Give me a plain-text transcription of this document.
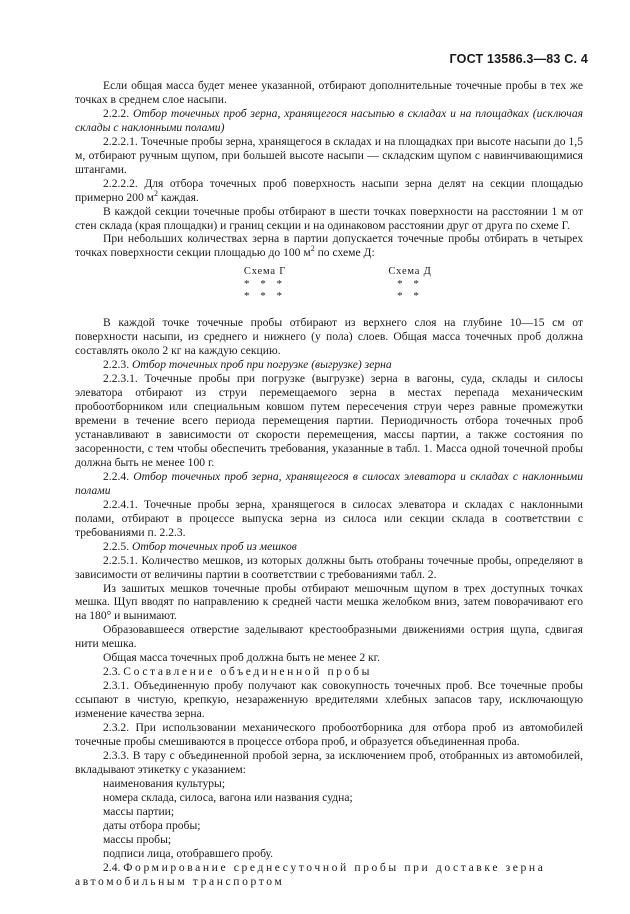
ГОСТ 13586.3—83 С. 4

Если общая масса будет менее указанной, отбирают дополнительные точечные пробы в тех же точках в среднем слое насыпи.

2.2.2. Отбор точечных проб зерна, хранящегося насыпью в складах и на площадках (исключая склады с наклонными полами)

2.2.2.1. Точечные пробы зерна, хранящегося в складах и на площадках при высоте насыпи до 1,5 м, отбирают ручным щупом, при большей высоте насыпи — складским щупом с навинчивающимися штангами.

2.2.2.2. Для отбора точечных проб поверхность насыпи зерна делят на секции площадью примерно 200 $м^2$ каждая.

В каждой секции точечные пробы отбирают в шести точках поверхности на расстоянии 1 м от стен склада (края площадки) и границ секции и на одинаковом расстоянии друг от друга по схеме Г.

При небольших количествах зерна в партии допускается точечные пробы отбирать в четырех точках поверхности секции площадью до 100 $м^2$ по схеме Д:

Схема Г
* * *
* * *
Схема Д
* *
* *

В каждой точке точечные пробы отбирают из верхнего слоя на глубине 10—15 см от поверхности насыпи, из среднего и нижнего (у пола) слоев. Общая масса точечных проб должна составлять около 2 кг на каждую секцию.

2.2.3. Отбор точечных проб при погрузке (выгрузке) зерна

2.2.3.1. Точечные пробы при погрузке (выгрузке) зерна в вагоны, суда, склады и силосы элеватора отбирают из струи перемещаемого зерна в местах перепада механическим пробоотборником или специальным ковшом путем пересечения струи через равные промежутки времени в течение всего периода перемещения партии. Периодичность отбора точечных проб устанавливают в зависимости от скорости перемещения, массы партии, а также состояния по засоренности, с тем чтобы обеспечить требования, указанные в табл. 1. Масса одной точечной пробы должна быть не менее 100 г.

2.2.4. Отбор точечных проб зерна, хранящегося в силосах элеватора и складах с наклонными полами

2.2.4.1. Точечные пробы зерна, хранящегося в силосах элеватора и складах с наклонными полами, отбирают в процессе выпуска зерна из силоса или секции склада в соответствии с требованиями п. 2.2.3.

2.2.5. Отбор точечных проб из мешков

2.2.5.1. Количество мешков, из которых должны быть отобраны точечные пробы, определяют в зависимости от величины партии в соответствии с требованиями табл. 2.

Из зашитых мешков точечные пробы отбирают мешочным щупом в трех доступных точках мешка. Щуп вводят по направлению к средней части мешка желобком вниз, затем поворачивают его на 180° и вынимают.

Образовавшееся отверстие заделывают крестообразными движениями острия щупа, сдвигая нити мешка.

Общая масса точечных проб должна быть не менее 2 кг.

2.3. Составление объединенной пробы

2.3.1. Объединенную пробу получают как совокупность точечных проб. Все точечные пробы ссыпают в чистую, крепкую, незараженную вредителями хлебных запасов тару, исключающую изменение качества зерна.

2.3.2. При использовании механического пробоотборника для отбора проб из автомобилей точечные пробы смешиваются в процессе отбора проб, и образуется объединенная проба.

2.3.3. В тару с объединенной пробой зерна, за исключением проб, отобранных из автомобилей, вкладывают этикетку с указанием:

наименования культуры;

номера склада, силоса, вагона или названия судна;

массы партии;

даты отбора пробы;

массы пробы;

подписи лица, отобравшего пробу.

2.4. Формирование среднесуточной пробы при доставке зерна автомобильным транспортом
